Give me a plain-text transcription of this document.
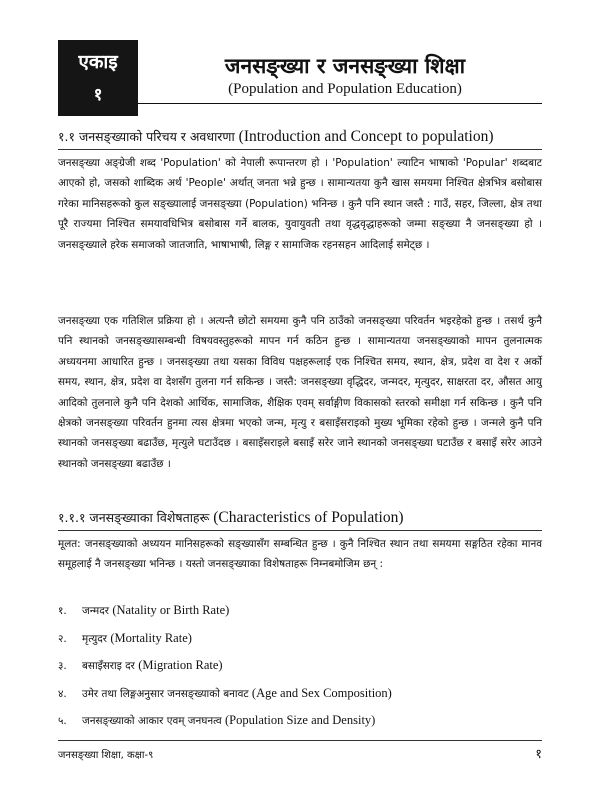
एकाइ
१
जनसङ्ख्या र जनसङ्ख्या शिक्षा
(Population and Population Education)
१.१ जनसङ्ख्याको परिचय र अवधारणा (Introduction and Concept to population)

जनसङ्ख्या अङ्ग्रेजी शब्द 'Population' को नेपाली रूपान्तरण हो । 'Population' ल्याटिन भाषाको 'Popular' शब्दबाट आएको हो, जसको शाब्दिक अर्थ 'People' अर्थात् जनता भन्ने हुन्छ । सामान्यतया कुनै खास समयमा निश्चित क्षेत्रभित्र बसोबास गरेका मानिसहरूको कुल सङ्ख्यालाई जनसङ्ख्या (Population) भनिन्छ । कुनै पनि स्थान जस्तै : गाउँ, सहर, जिल्ला, क्षेत्र तथा पूरै राज्यमा निश्चित समयावधिभित्र बसोबास गर्ने बालक, युवायुवती तथा वृद्धवृद्धाहरूको जम्मा सङ्ख्या नै जनसङ्ख्या हो । जनसङ्ख्याले हरेक समाजको जातजाति, भाषाभाषी, लिङ्ग र सामाजिक रहनसहन आदिलाई समेट्छ ।

जनसङ्ख्या एक गतिशिल प्रक्रिया हो । अत्यन्तै छोटो समयमा कुनै पनि ठाउँको जनसङ्ख्या परिवर्तन भइरहेको हुन्छ । तसर्थ कुनै पनि स्थानको जनसङ्ख्यासम्बन्धी विषयवस्तुहरूको मापन गर्न कठिन हुन्छ । सामान्यतया जनसङ्ख्याको मापन तुलनात्मक अध्ययनमा आधारित हुन्छ । जनसङ्ख्या तथा यसका विविध पक्षहरूलाई एक निश्चित समय, स्थान, क्षेत्र, प्रदेश वा देश र अर्को समय, स्थान, क्षेत्र, प्रदेश वा देशसँग तुलना गर्न सकिन्छ । जस्तै: जनसङ्ख्या वृद्धिदर, जन्मदर, मृत्युदर, साक्षरता दर, औसत आयु आदिको तुलनाले कुनै पनि देशको आर्थिक, सामाजिक, शैक्षिक एवम् सर्वाङ्गीण विकासको स्तरको समीक्षा गर्न सकिन्छ । कुनै पनि क्षेत्रको जनसङ्ख्या परिवर्तन हुनमा त्यस क्षेत्रमा भएको जन्म, मृत्यु र बसाइँसराइको मुख्य भूमिका रहेको हुन्छ । जन्मले कुनै पनि स्थानको जनसङ्ख्या बढाउँछ, मृत्युले घटाउँदछ । बसाइँसराइले बसाइँ सरेर जाने स्थानको जनसङ्ख्या घटाउँछ र बसाइँ सरेर आउने स्थानको जनसङ्ख्या बढाउँछ ।

१.१.१ जनसङ्ख्याका विशेषताहरू (Characteristics of Population)

मूलत: जनसङ्ख्याको अध्ययन मानिसहरूको सङ्ख्यासँग सम्बन्धित हुन्छ । कुनै निश्चित स्थान तथा समयमा सङ्गठित रहेका मानव समूहलाई नै जनसङ्ख्या भनिन्छ । यस्तो जनसङ्ख्याका विशेषताहरू निम्नबमोजिम छन् :

१. जन्मदर (Natality or Birth Rate)
२. मृत्युदर (Mortality Rate)
३. बसाइँसराइ दर (Migration Rate)
४. उमेर तथा लिङ्गअनुसार जनसङ्ख्याको बनावट (Age and Sex Composition)
५. जनसङ्ख्याको आकार एवम् जनघनत्व (Population Size and Density)
जनसङ्ख्या शिक्षा, कक्षा-९	१
